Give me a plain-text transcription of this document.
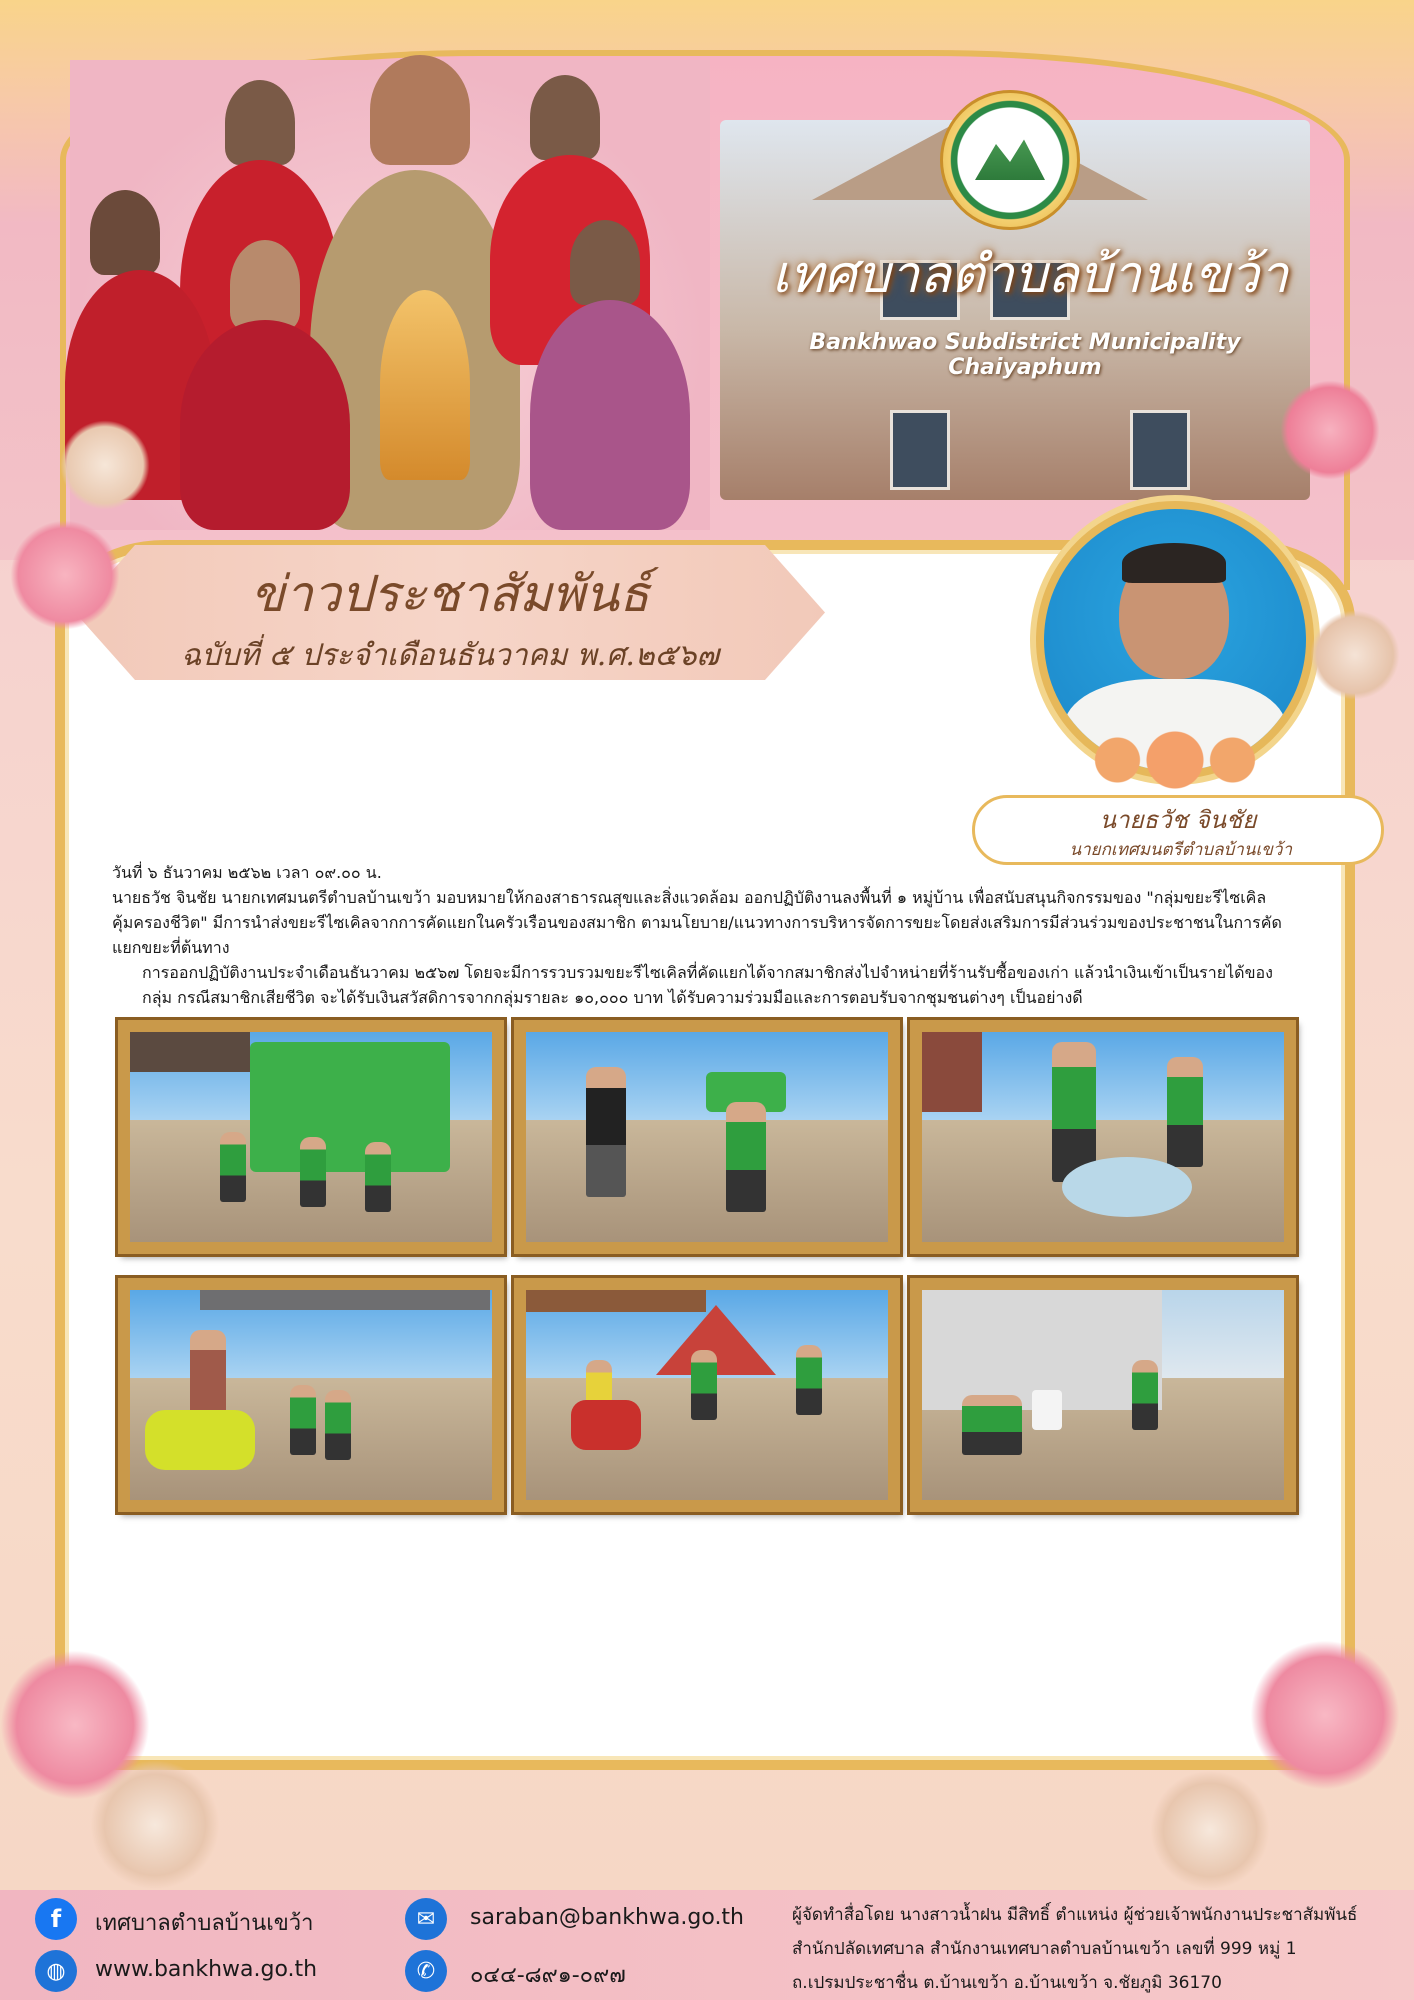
เทศบาลตำบลบ้านเขว้า
Bankhwao Subdistrict Municipality Chaiyaphum
ข่าวประชาสัมพันธ์
ฉบับที่ ๕ ประจำเดือนธันวาคม พ.ศ.๒๕๖๗
นายธวัช จินชัย
นายกเทศมนตรีตำบลบ้านเขว้า

วันที่ ๖ ธันวาคม ๒๕๖๒ เวลา ๐๙.๐๐ น.

นายธวัช จินชัย นายกเทศมนตรีตำบลบ้านเขว้า มอบหมายให้กองสาธารณสุขและสิ่งแวดล้อม ออกปฏิบัติงานลงพื้นที่ ๑ หมู่บ้าน เพื่อสนับสนุนกิจกรรมของ "กลุ่มขยะรีไซเคิลคุ้มครองชีวิต" มีการนำส่งขยะรีไซเคิลจากการคัดแยกในครัวเรือนของสมาชิก ตามนโยบาย/แนวทางการบริหารจัดการขยะโดยส่งเสริมการมีส่วนร่วมของประชาชนในการคัดแยกขยะที่ต้นทาง

การออกปฏิบัติงานประจำเดือนธันวาคม ๒๕๖๗ โดยจะมีการรวบรวมขยะรีไซเคิลที่คัดแยกได้จากสมาชิกส่งไปจำหน่ายที่ร้านรับซื้อของเก่า แล้วนำเงินเข้าเป็นรายได้ของกลุ่ม กรณีสมาชิกเสียชีวิต จะได้รับเงินสวัสดิการจากกลุ่มรายละ ๑๐,๐๐๐ บาท ได้รับความร่วมมือและการตอบรับจากชุมชนต่างๆ เป็นอย่างดี

f	เทศบาลตำบลบ้านเขว้า
◍	www.bankhwa.go.th
✉	saraban@bankhwa.go.th
✆	๐๔๔-๘๙๑-๐๙๗
ผู้จัดทำสื่อโดย นางสาวน้ำฝน มีสิทธิ์ ตำแหน่ง ผู้ช่วยเจ้าพนักงานประชาสัมพันธ์
สำนักปลัดเทศบาล สำนักงานเทศบาลตำบลบ้านเขว้า เลขที่ 999 หมู่ 1
ถ.เปรมประชาชื่น ต.บ้านเขว้า อ.บ้านเขว้า จ.ชัยภูมิ 36170
